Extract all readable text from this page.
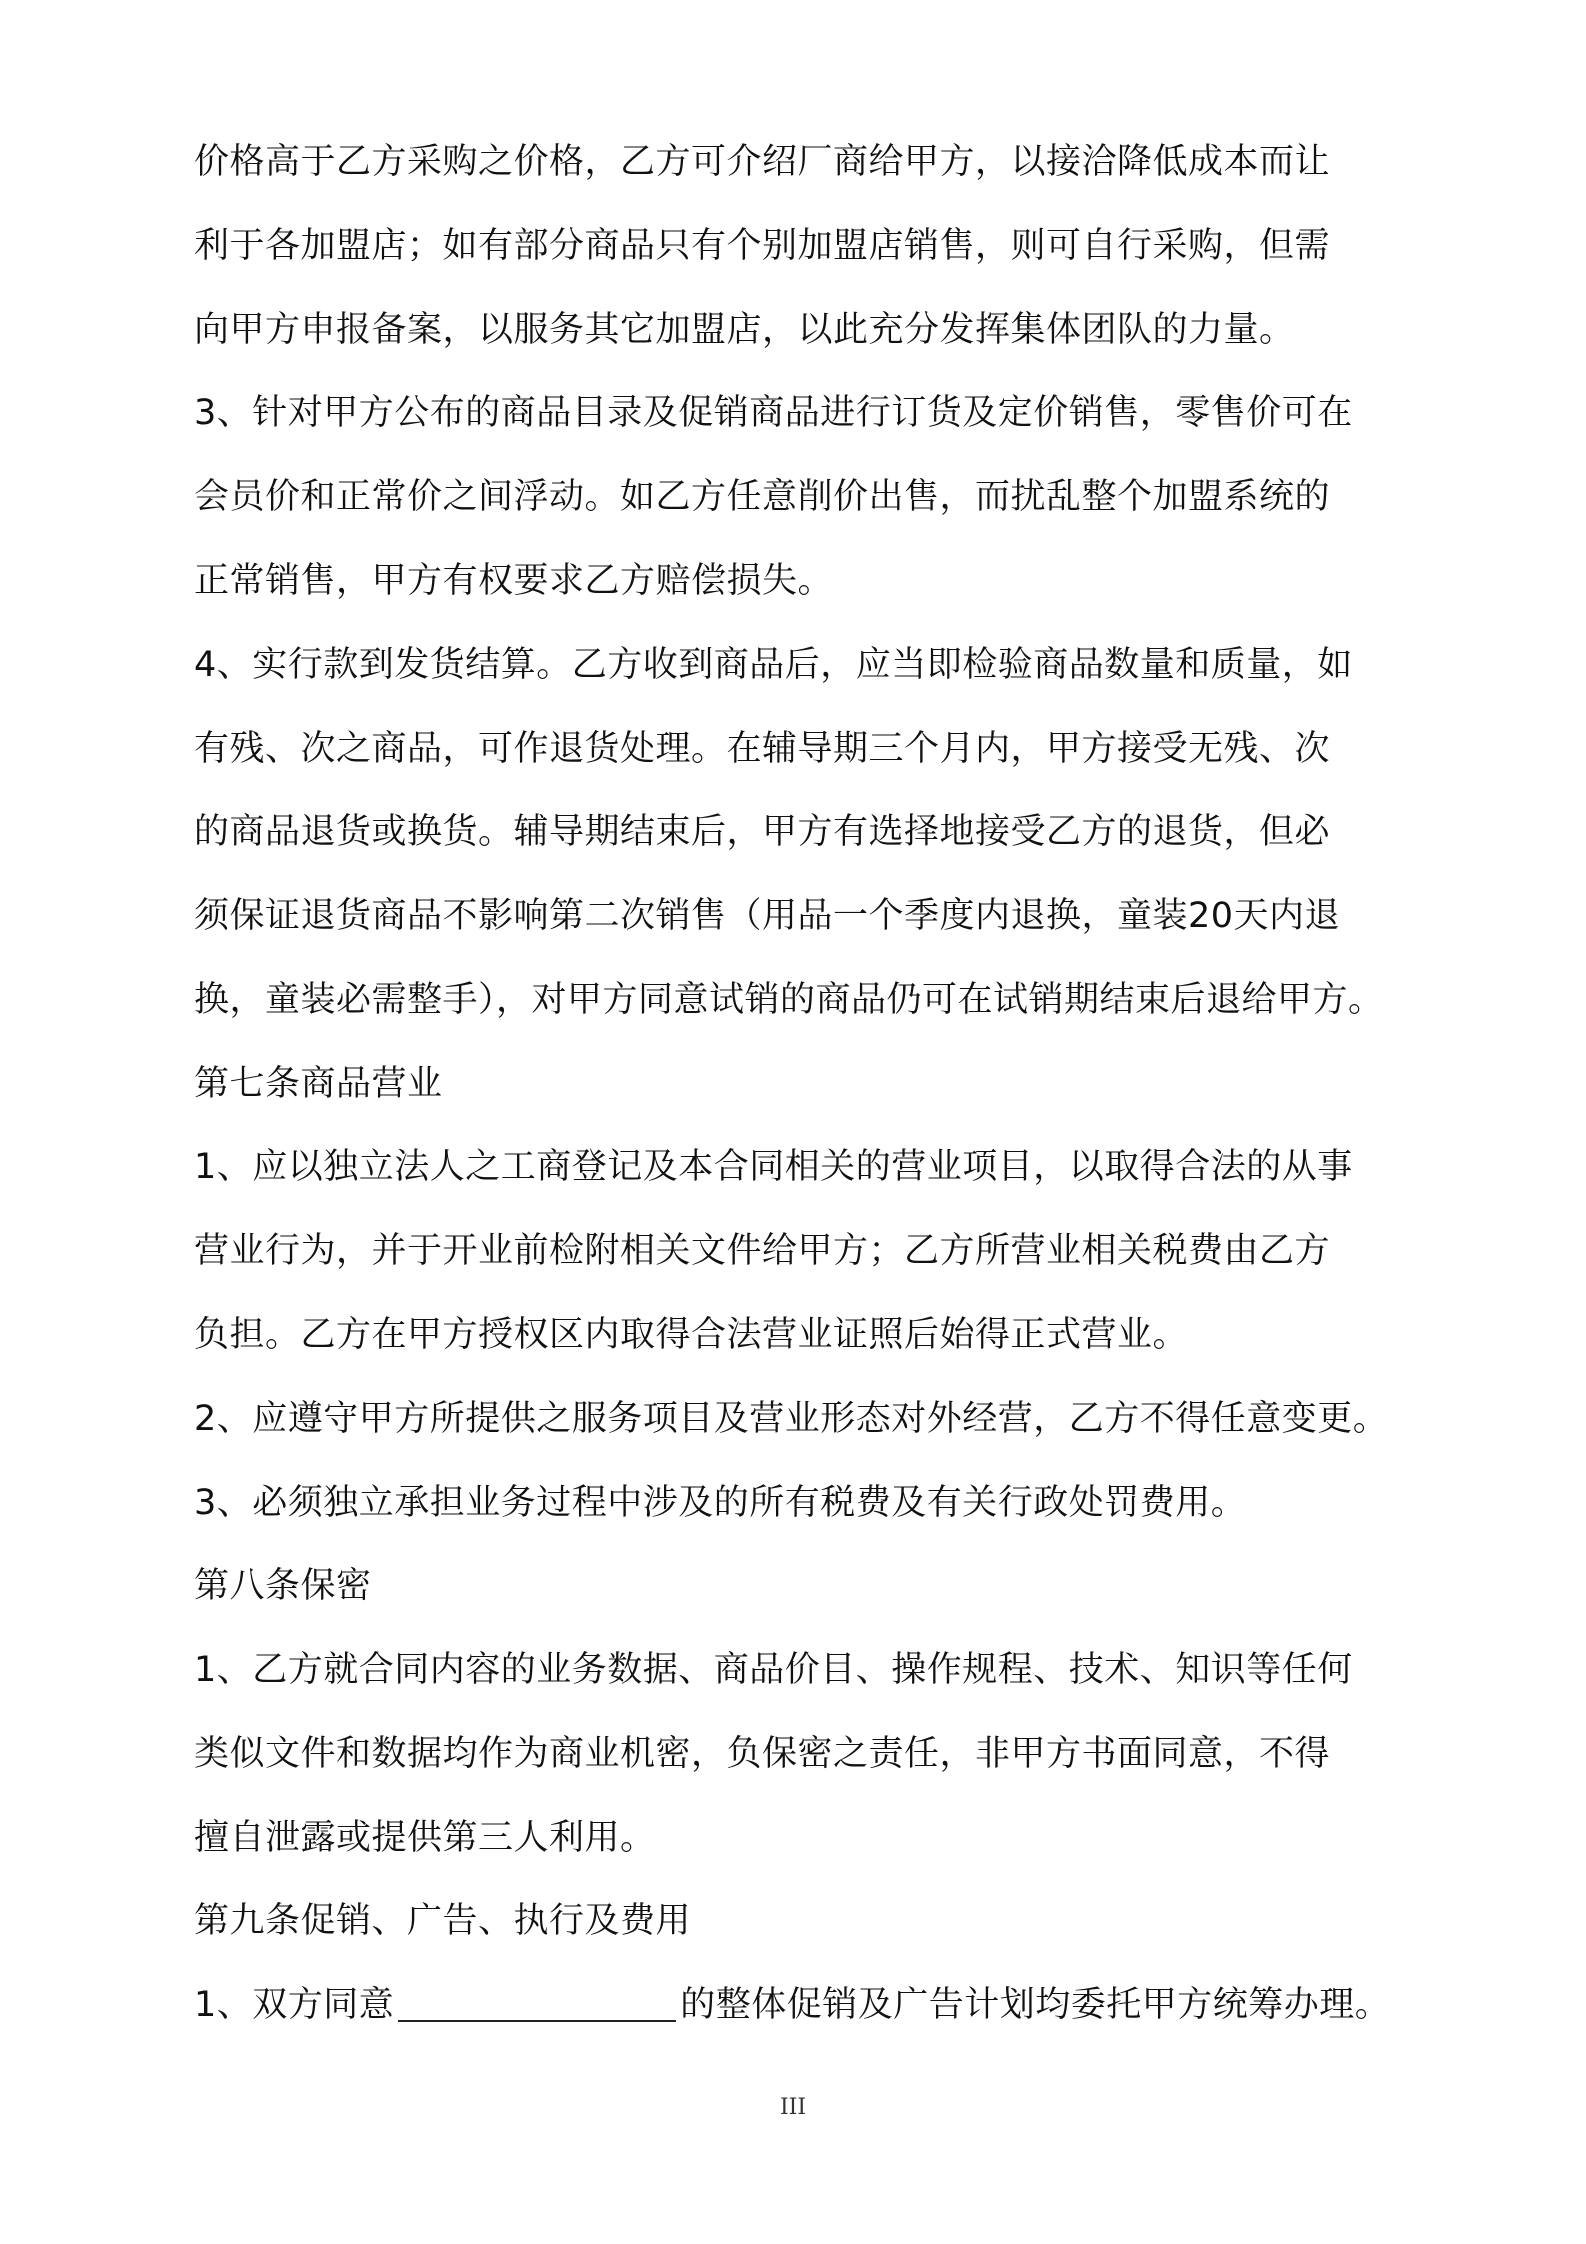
价格高于乙方采购之价格，乙方可介绍厂商给甲方，以接洽降低成本而让
利于各加盟店；如有部分商品只有个别加盟店销售，则可自行采购，但需
向甲方申报备案，以服务其它加盟店，以此充分发挥集体团队的力量。
3、针对甲方公布的商品目录及促销商品进行订货及定价销售，零售价可在
会员价和正常价之间浮动。如乙方任意削价出售，而扰乱整个加盟系统的
正常销售，甲方有权要求乙方赔偿损失。
4、实行款到发货结算。乙方收到商品后，应当即检验商品数量和质量，如
有残、次之商品，可作退货处理。在辅导期三个月内，甲方接受无残、次
的商品退货或换货。辅导期结束后，甲方有选择地接受乙方的退货，但必
须保证退货商品不影响第二次销售（用品一个季度内退换，童装20天内退
换，童装必需整手），对甲方同意试销的商品仍可在试销期结束后退给甲方。
第七条商品营业
1、应以独立法人之工商登记及本合同相关的营业项目，以取得合法的从事
营业行为，并于开业前检附相关文件给甲方；乙方所营业相关税费由乙方
负担。乙方在甲方授权区内取得合法营业证照后始得正式营业。
2、应遵守甲方所提供之服务项目及营业形态对外经营，乙方不得任意变更。
3、必须独立承担业务过程中涉及的所有税费及有关行政处罚费用。
第八条保密
1、乙方就合同内容的业务数据、商品价目、操作规程、技术、知识等任何
类似文件和数据均作为商业机密，负保密之责任，非甲方书面同意，不得
擅自泄露或提供第三人利用。
第九条促销、广告、执行及费用
1、双方同意	的整体促销及广告计划均委托甲方统筹办理。
III
